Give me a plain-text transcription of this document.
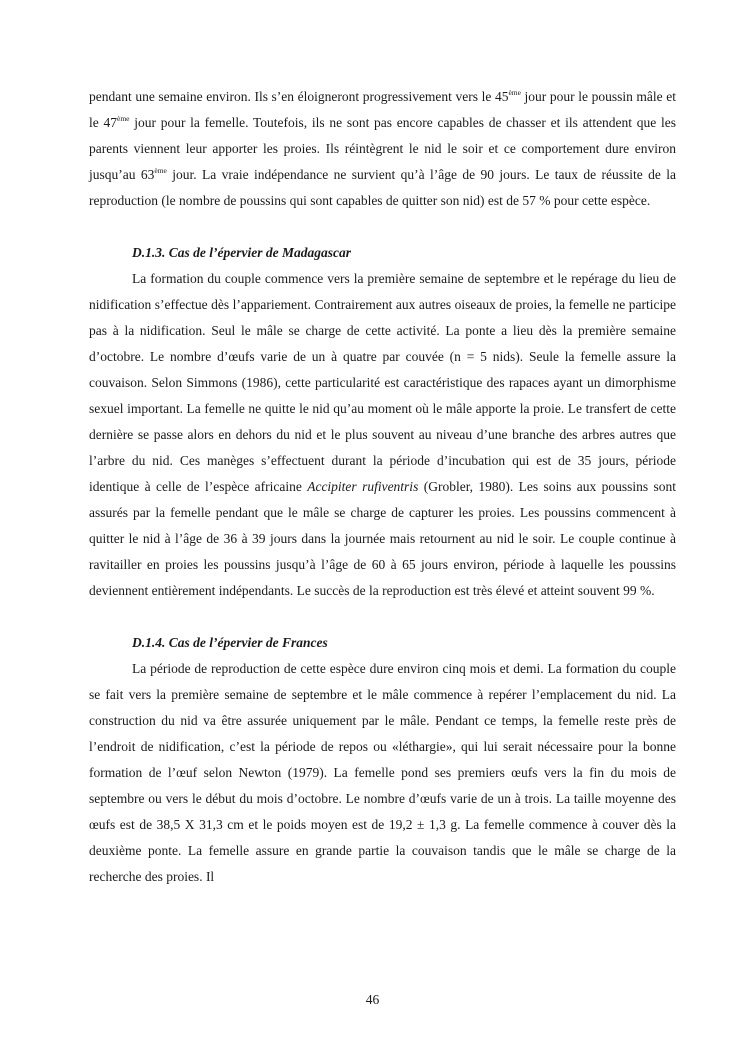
pendant une semaine environ. Ils s’en éloigneront progressivement vers le 45ème jour pour le poussin mâle et le 47ème jour pour la femelle. Toutefois, ils ne sont pas encore capables de chasser et ils attendent que les parents viennent leur apporter les proies. Ils réintègrent le nid le soir et ce comportement dure environ jusqu’au 63ème jour. La vraie indépendance ne survient qu’à l’âge de 90 jours. Le taux de réussite de la reproduction (le nombre de poussins qui sont capables de quitter son nid) est de 57 % pour cette espèce.

D.1.3. Cas de l’épervier de Madagascar

La formation du couple commence vers la première semaine de septembre et le repérage du lieu de nidification s’effectue dès l’appariement. Contrairement aux autres oiseaux de proies, la femelle ne participe pas à la nidification. Seul le mâle se charge de cette activité. La ponte a lieu dès la première semaine d’octobre. Le nombre d’œufs varie de un à quatre par couvée (n = 5 nids). Seule la femelle assure la couvaison. Selon Simmons (1986), cette particularité est caractéristique des rapaces ayant un dimorphisme sexuel important. La femelle ne quitte le nid qu’au moment où le mâle apporte la proie. Le transfert de cette dernière se passe alors en dehors du nid et le plus souvent au niveau d’une branche des arbres autres que l’arbre du nid. Ces manèges s’effectuent durant la période d’incubation qui est de 35 jours, période identique à celle de l’espèce africaine Accipiter rufiventris (Grobler, 1980). Les soins aux poussins sont assurés par la femelle pendant que le mâle se charge de capturer les proies. Les poussins commencent à quitter le nid à l’âge de 36 à 39 jours dans la journée mais retournent au nid le soir. Le couple continue à ravitailler en proies les poussins jusqu’à l’âge de 60 à 65 jours environ, période à laquelle les poussins deviennent entièrement indépendants. Le succès de la reproduction est très élevé et atteint souvent 99 %.

D.1.4. Cas de l’épervier de Frances

La période de reproduction de cette espèce dure environ cinq mois et demi. La formation du couple se fait vers la première semaine de septembre et le mâle commence à repérer l’emplacement du nid. La construction du nid va être assurée uniquement par le mâle. Pendant ce temps, la femelle reste près de l’endroit de nidification, c’est la période de repos ou «léthargie», qui lui serait nécessaire pour la bonne formation de l’œuf selon Newton (1979). La femelle pond ses premiers œufs vers la fin du mois de septembre ou vers le début du mois d’octobre. Le nombre d’œufs varie de un à trois. La taille moyenne des œufs est de 38,5 X 31,3 cm et le poids moyen est de 19,2 ± 1,3 g. La femelle commence à couver dès la deuxième ponte. La femelle assure en grande partie la couvaison tandis que le mâle se charge de la recherche des proies. Il

46
